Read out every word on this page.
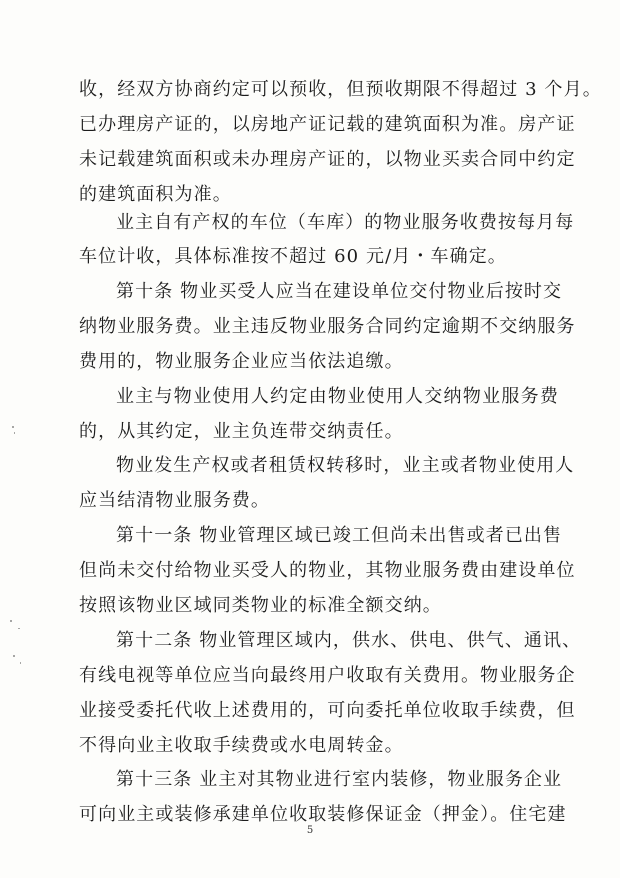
收，经双方协商约定可以预收，但预收期限不得超过 3 个月。
已办理房产证的，以房地产证记载的建筑面积为准。房产证
未记载建筑面积或未办理房产证的，以物业买卖合同中约定
的建筑面积为准。
业主自有产权的车位（车库）的物业服务收费按每月每
车位计收，具体标准按不超过 60 元/月・车确定。
第十条 物业买受人应当在建设单位交付物业后按时交
纳物业服务费。业主违反物业服务合同约定逾期不交纳服务
费用的，物业服务企业应当依法追缴。
业主与物业使用人约定由物业使用人交纳物业服务费
的，从其约定，业主负连带交纳责任。
物业发生产权或者租赁权转移时，业主或者物业使用人
应当结清物业服务费。
第十一条 物业管理区域已竣工但尚未出售或者已出售
但尚未交付给物业买受人的物业，其物业服务费由建设单位
按照该物业区域同类物业的标准全额交纳。
第十二条 物业管理区域内，供水、供电、供气、通讯、
有线电视等单位应当向最终用户收取有关费用。物业服务企
业接受委托代收上述费用的，可向委托单位收取手续费，但
不得向业主收取手续费或水电周转金。
第十三条 业主对其物业进行室内装修，物业服务企业
可向业主或装修承建单位收取装修保证金（押金）。住宅建
5
